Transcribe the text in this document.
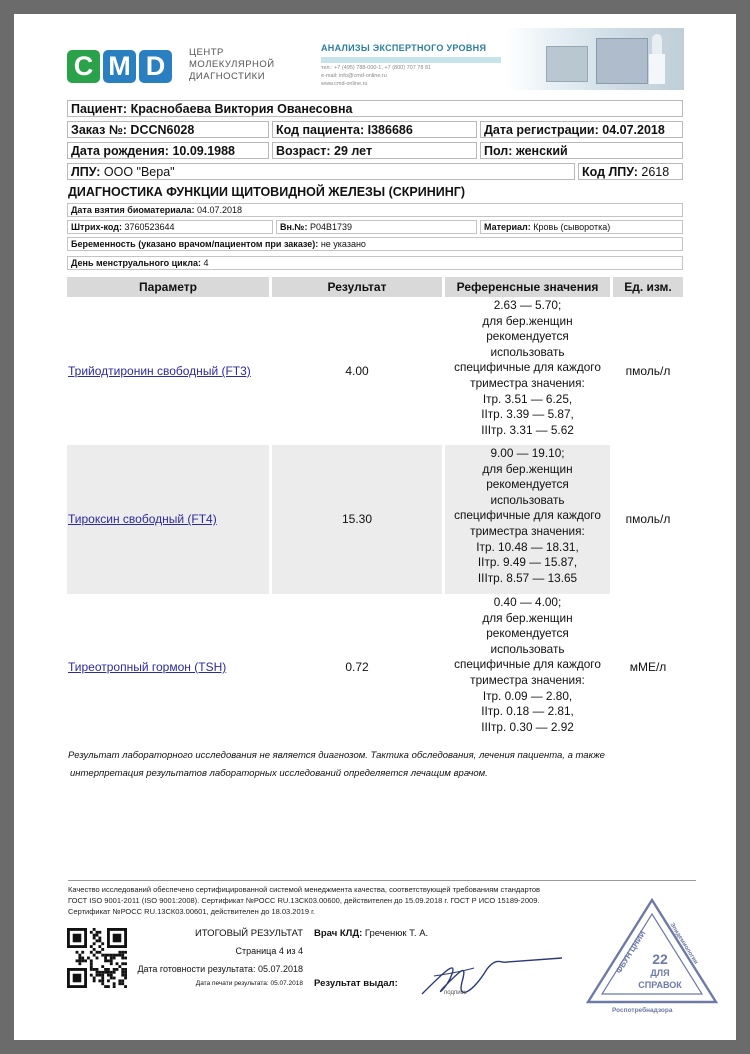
C M D	ЦЕНТР
МОЛЕКУЛЯРНОЙ
ДИАГНОСТИКИ
АНАЛИЗЫ ЭКСПЕРТНОГО УРОВНЯ
тел.: +7 (495) 788-000-1, +7 (800) 707 78 81
e-mail: info@cmd-online.ru
www.cmd-online.ru
Пациент: Краснобаева Виктория Ованесовна
Заказ №: DCCN6028	Код пациента: I386686	Дата регистрации: 04.07.2018
Дата рождения: 10.09.1988	Возраст: 29 лет	Пол: женский
ЛПУ: ООО "Вера"	Код ЛПУ: 2618
ДИАГНОСТИКА ФУНКЦИИ ЩИТОВИДНОЙ ЖЕЛЕЗЫ (СКРИНИНГ)
Дата взятия биоматериала: 04.07.2018
Штрих-код: 3760523644	Вн.№: P04B1739	Материал: Кровь (сыворотка)
Беременность (указано врачом/пациентом при заказе): не указано
День менструального цикла: 4
Параметр	Результат	Референсные значения	Ед. изм.
Трийодтиронин свободный (FT3)	4.00
2.63 — 5.70;
для бер.женщин
рекомендуется
использовать
специфичные для каждого
триместра значения:
Iтр. 3.51 — 6.25,
IIтр. 3.39 — 5.87,
IIIтр. 3.31 — 5.62
пмоль/л
Тироксин свободный (FT4)	15.30
9.00 — 19.10;
для бер.женщин
рекомендуется
использовать
специфичные для каждого
триместра значения:
Iтр. 10.48 — 18.31,
IIтр. 9.49 — 15.87,
IIIтр. 8.57 — 13.65
пмоль/л
Тиреотропный гормон (TSH)	0.72
0.40 — 4.00;
для бер.женщин
рекомендуется
использовать
специфичные для каждого
триместра значения:
Iтр. 0.09 — 2.80,
IIтр. 0.18 — 2.81,
IIIтр. 0.30 — 2.92
мМЕ/л
Результат лабораторного исследования не является диагнозом. Тактика обследования, лечения пациента, а также
интерпретация результатов лабораторных исследований определяется лечащим врачом.
Качество исследований обеспечено сертифицированной системой менеджмента качества, соответствующей требованиям стандартов
ГОСТ ISO 9001-2011 (ISO 9001:2008). Сертификат №РОСС RU.13СК03.00600, действителен до 15.09.2018 г. ГОСТ Р ИСО 15189-2009.
Сертификат №РОСС RU.13СК03.00601, действителен до 18.03.2019 г.
ИТОГОВЫЙ РЕЗУЛЬТАТ
Страница 4 из 4
Дата готовности результата: 05.07.2018
Дата печати результата: 05.07.2018
Врач КЛД: Греченюк Т. А.
Результат выдал:
подпись
ФБУН ЦНИИ	Эпидемиологии
Роспотребнадзора
22
ДЛЯ
СПРАВОК
